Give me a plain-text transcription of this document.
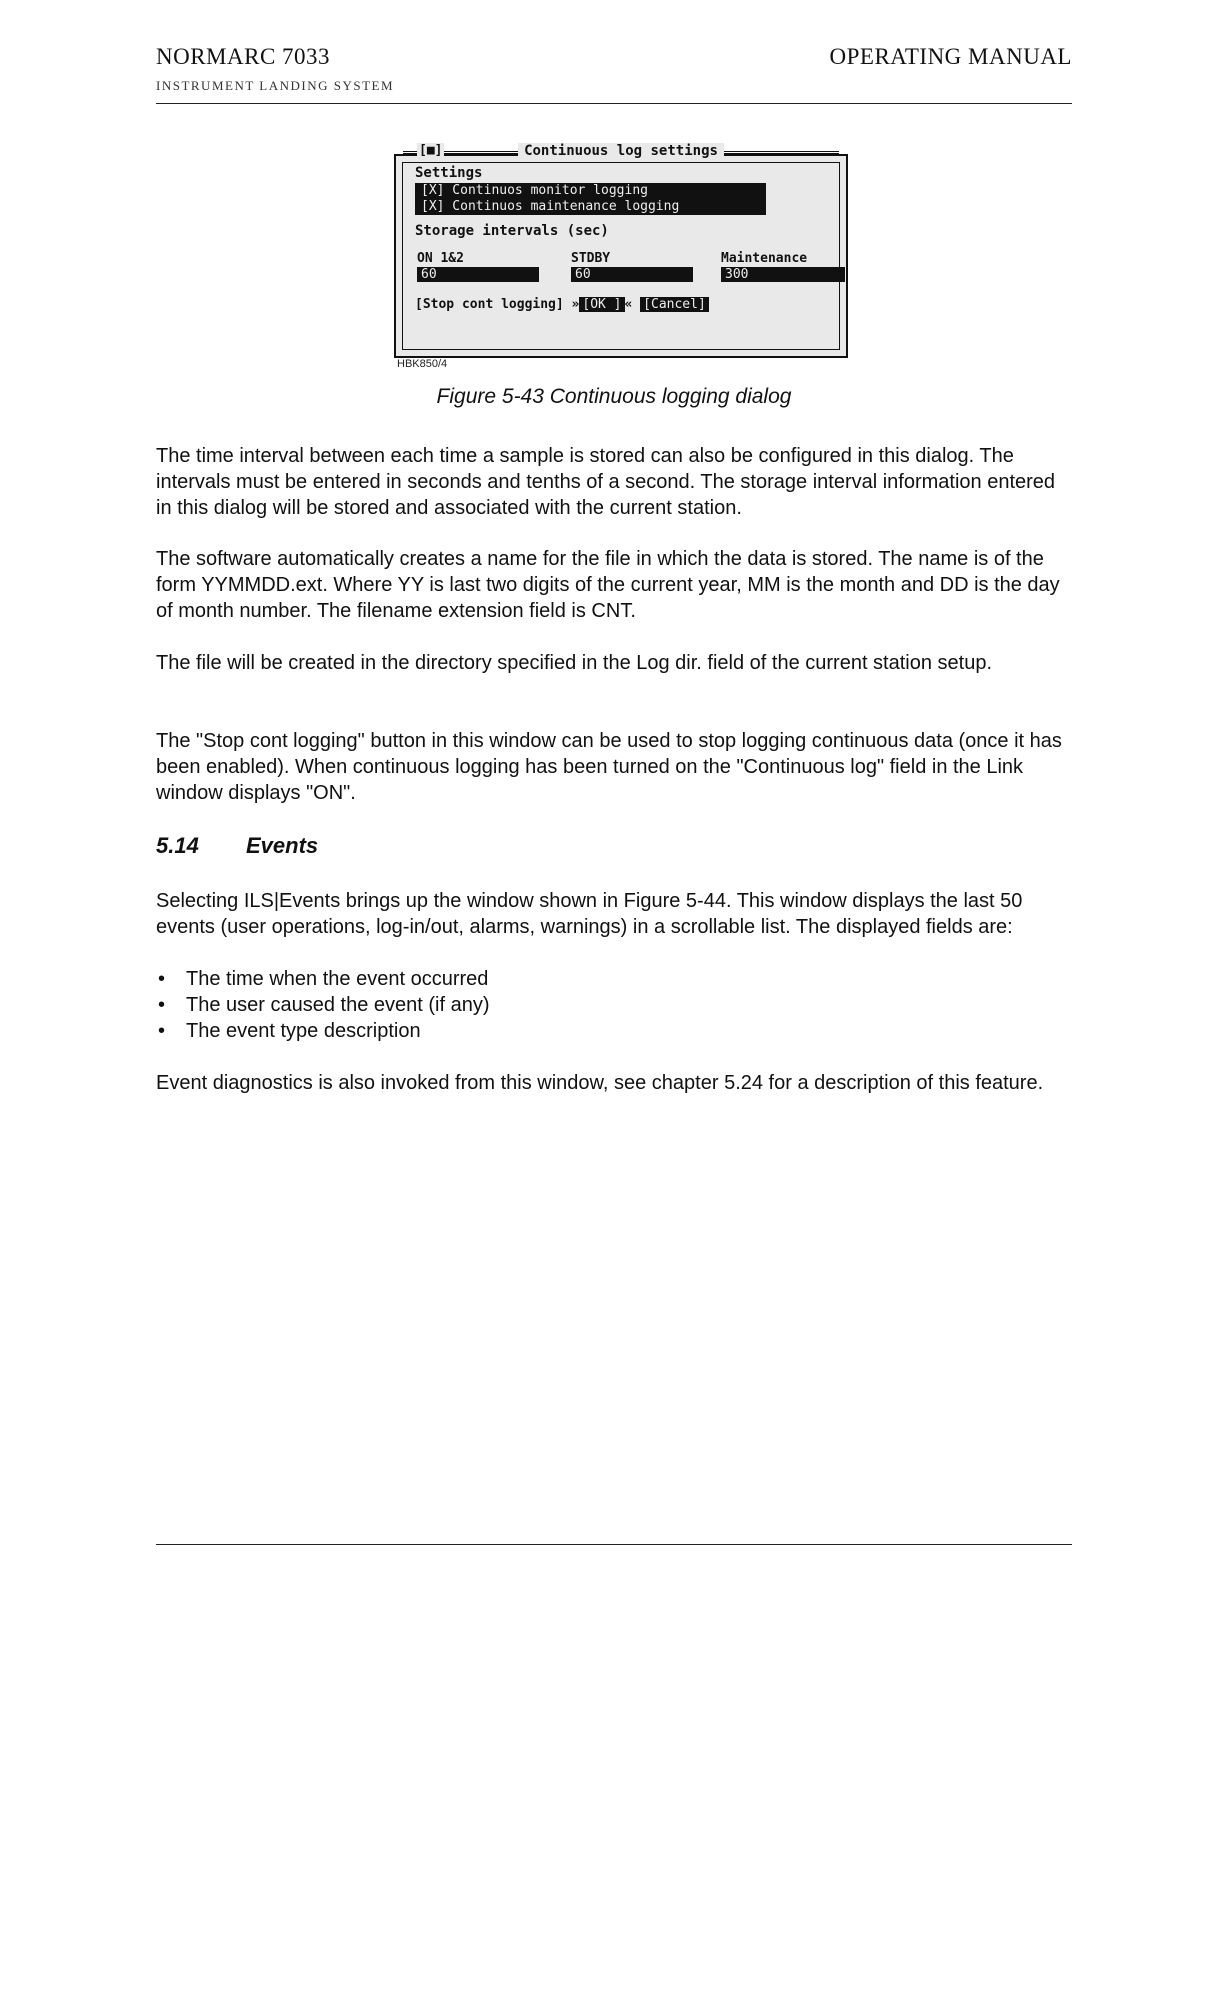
NORMARC 7033
INSTRUMENT LANDING SYSTEM
OPERATING MANUAL
Continuous log settings
[■]
Settings
[X] Continuos monitor logging
[X] Continuos maintenance logging
Storage intervals (sec)
ON 1&2
60
STDBY
60
Maintenance
300
[Stop cont logging] » [OK ] « [Cancel]
HBK850/4
Figure 5-43 Continuous logging dialog

The time interval between each time a sample is stored can also be configured in this dialog. The intervals must be entered in seconds and tenths of a second. The storage interval information entered in this dialog will be stored and associated with the current station.

The software automatically creates a name for the file in which the data is stored. The name is of the form YYMMDD.ext. Where YY is last two digits of the current year, MM is the month and DD is the day of month number. The filename extension field is CNT.

The file will be created in the directory specified in the Log dir. field of the current station setup.

The "Stop cont logging" button in this window can be used to stop logging continuous data (once it has been enabled). When continuous logging has been turned on the "Continuous log" field in the Link window displays "ON".

5.14 Events

Selecting ILS|Events brings up the window shown in Figure 5-44. This window displays the last 50 events (user operations, log-in/out, alarms, warnings) in a scrollable list. The displayed fields are:

• The time when the event occurred
• The user caused the event (if any)
• The event type description

Event diagnostics is also invoked from this window, see chapter 5.24 for a description of this feature.
